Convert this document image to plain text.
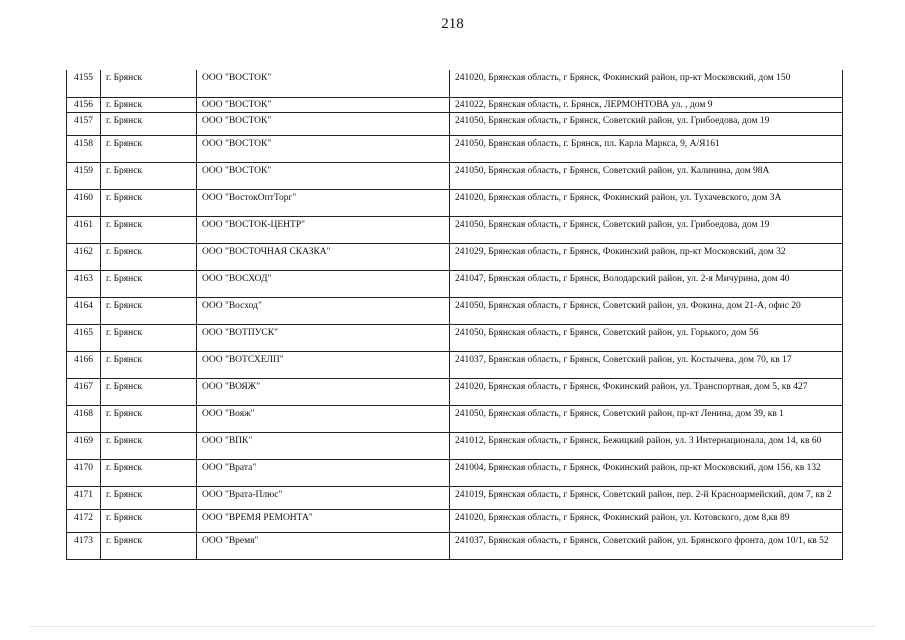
218
4155	г. Брянск	ООО "ВОСТОК"	241020, Брянская область, г Брянск, Фокинский район, пр-кт Московский, дом 150
4156	г. Брянск	ООО "ВОСТОК"	241022, Брянская область, г. Брянск, ЛЕРМОНТОВА ул. , дом 9
4157	г. Брянск	ООО "ВОСТОК"	241050, Брянская область, г Брянск, Советский район, ул. Грибоедова, дом 19
4158	г. Брянск	ООО "ВОСТОК"	241050, Брянская область, г. Брянск, пл. Карла Маркса, 9, А/Я161
4159	г. Брянск	ООО "ВОСТОК"	241050, Брянская область, г Брянск, Советский район, ул. Калинина, дом 98А
4160	г. Брянск	ООО "ВостокОптТорг"	241020, Брянская область, г Брянск, Фокинский район, ул. Тухачевского, дом 3А
4161	г. Брянск	ООО "ВОСТОК-ЦЕНТР"	241050, Брянская область, г Брянск, Советский район, ул. Грибоедова, дом 19
4162	г. Брянск	ООО "ВОСТОЧНАЯ СКАЗКА"	241029, Брянская область, г Брянск, Фокинский район, пр-кт Московский, дом 32
4163	г. Брянск	ООО "ВОСХОД"	241047, Брянская область, г Брянск, Володарский район, ул. 2-я Мичурина, дом 40
4164	г. Брянск	ООО "Восход"	241050, Брянская область, г Брянск, Советский район, ул. Фокина, дом 21-А, офис 20
4165	г. Брянск	ООО "ВОТПУСК"	241050, Брянская область, г Брянск, Советский район, ул. Горького, дом 56
4166	г. Брянск	ООО "ВОТСХЕЛП"	241037, Брянская область, г Брянск, Советский район, ул. Костычева, дом 70, кв 17
4167	г. Брянск	ООО "ВОЯЖ"	241020, Брянская область, г Брянск, Фокинский район, ул. Транспортная, дом 5, кв 427
4168	г. Брянск	ООО "Вояж"	241050, Брянская область, г Брянск, Советский район, пр-кт Ленина, дом 39, кв 1
4169	г. Брянск	ООО "ВПК"	241012, Брянская область, г Брянск, Бежицкий район, ул. 3 Интернационала, дом 14, кв 60
4170	г. Брянск	ООО "Врата"	241004, Брянская область, г Брянск, Фокинский район, пр-кт Московский, дом 156, кв 132
4171	г. Брянск	ООО "Врата-Плюс"	241019, Брянская область, г Брянск, Советский район, пер. 2-й Красноармейский, дом 7, кв 2
4172	г. Брянск	ООО "ВРЕМЯ РЕМОНТА"	241020, Брянская область, г Брянск, Фокинский район, ул. Котовского, дом 8,кв 89
4173	г. Брянск	ООО "Время"	241037, Брянская область, г Брянск, Советский район, ул. Брянского фронта, дом 10/1, кв 52
